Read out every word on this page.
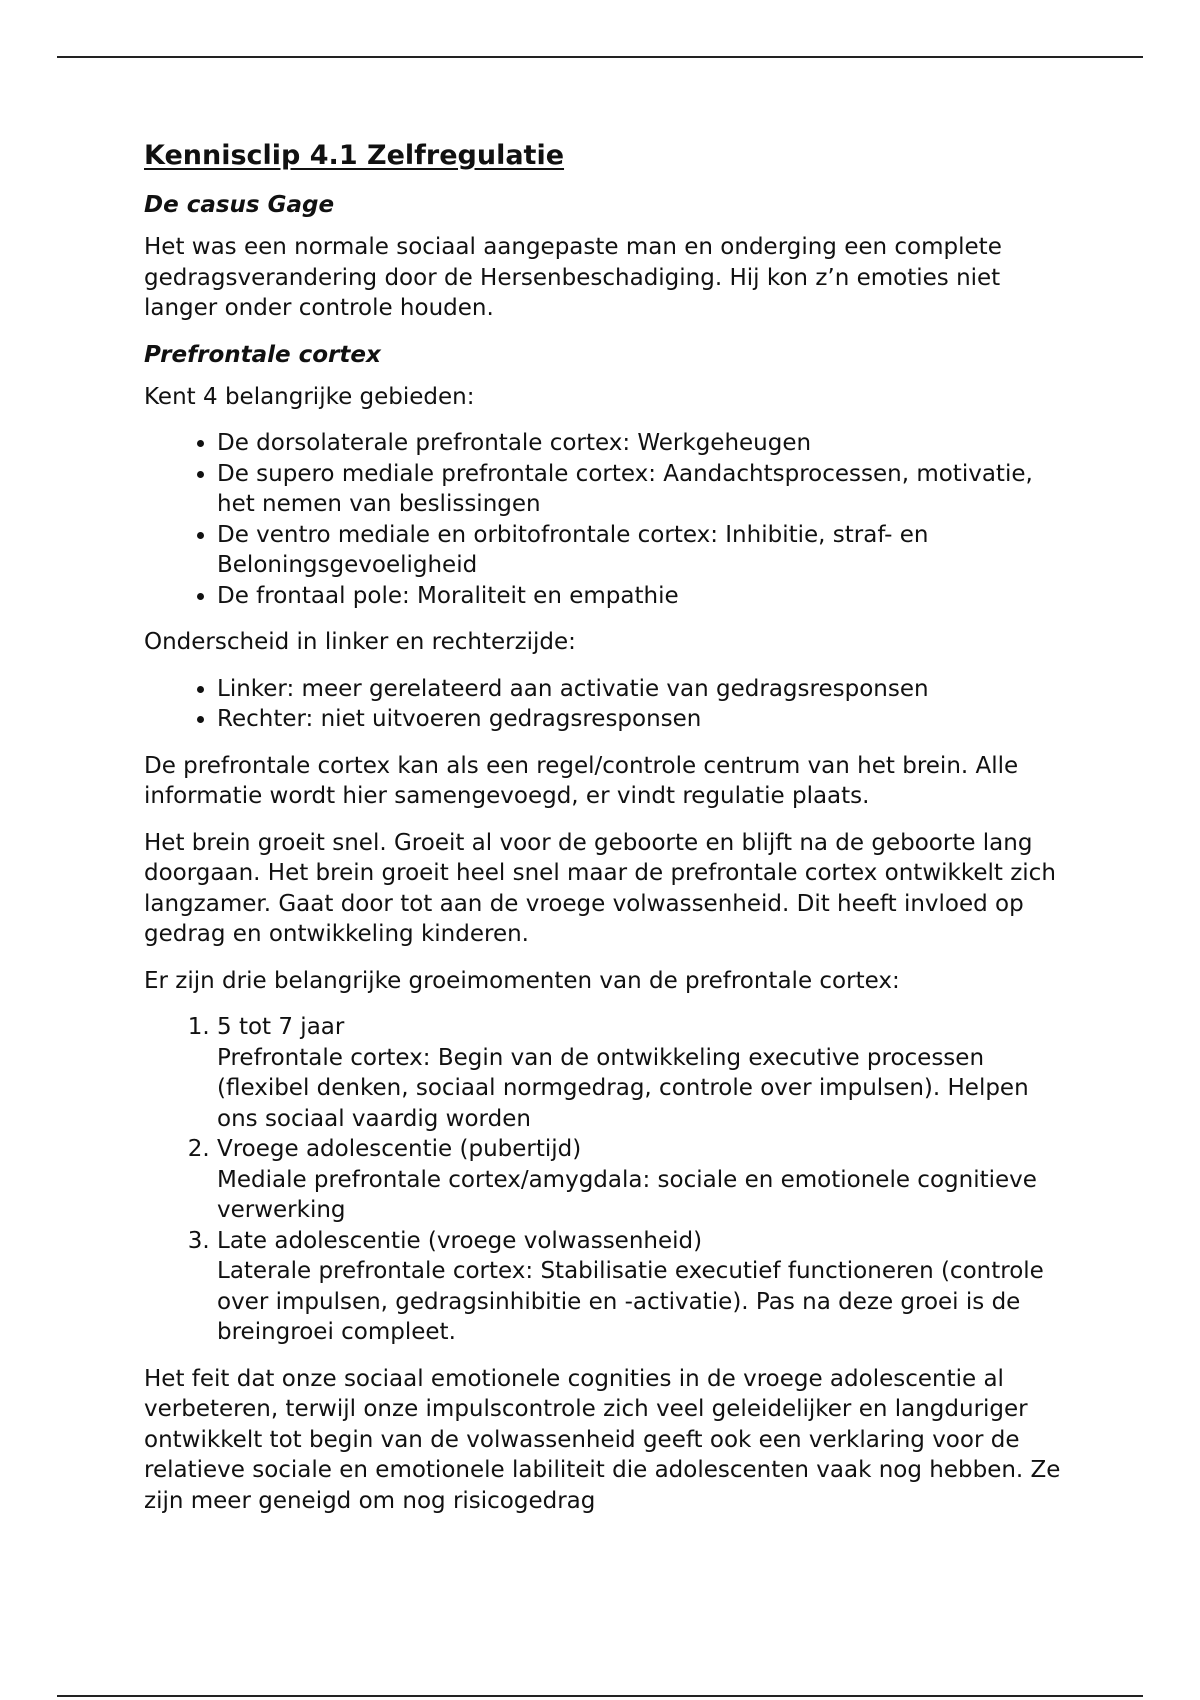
Kennisclip 4.1 Zelfregulatie
De casus Gage

Het was een normale sociaal aangepaste man en onderging een complete gedragsverandering door de Hersenbeschadiging. Hij kon z’n emoties niet langer onder controle houden.

Prefrontale cortex

Kent 4 belangrijke gebieden:

• De dorsolaterale prefrontale cortex: Werkgeheugen
• De supero mediale prefrontale cortex: Aandachtsprocessen, motivatie, het nemen van beslissingen
• De ventro mediale en orbitofrontale cortex: Inhibitie, straf- en Beloningsgevoeligheid
• De frontaal pole: Moraliteit en empathie

Onderscheid in linker en rechterzijde:

• Linker: meer gerelateerd aan activatie van gedragsresponsen
• Rechter: niet uitvoeren gedragsresponsen

De prefrontale cortex kan als een regel/controle centrum van het brein. Alle informatie wordt hier samengevoegd, er vindt regulatie plaats.

Het brein groeit snel. Groeit al voor de geboorte en blijft na de geboorte lang doorgaan. Het brein groeit heel snel maar de prefrontale cortex ontwikkelt zich langzamer. Gaat door tot aan de vroege volwassenheid. Dit heeft invloed op gedrag en ontwikkeling kinderen.

Er zijn drie belangrijke groeimomenten van de prefrontale cortex:

1. 5 tot 7 jaar
Prefrontale cortex: Begin van de ontwikkeling executive processen (flexibel denken, sociaal normgedrag, controle over impulsen). Helpen ons sociaal vaardig worden
2. Vroege adolescentie (pubertijd)
Mediale prefrontale cortex/amygdala: sociale en emotionele cognitieve verwerking
3. Late adolescentie (vroege volwassenheid)
Laterale prefrontale cortex: Stabilisatie executief functioneren (controle over impulsen, gedragsinhibitie en -activatie). Pas na deze groei is de breingroei compleet.

Het feit dat onze sociaal emotionele cognities in de vroege adolescentie al verbeteren, terwijl onze impulscontrole zich veel geleidelijker en langduriger ontwikkelt tot begin van de volwassenheid geeft ook een verklaring voor de relatieve sociale en emotionele labiliteit die adolescenten vaak nog hebben. Ze zijn meer geneigd om nog risicogedrag
